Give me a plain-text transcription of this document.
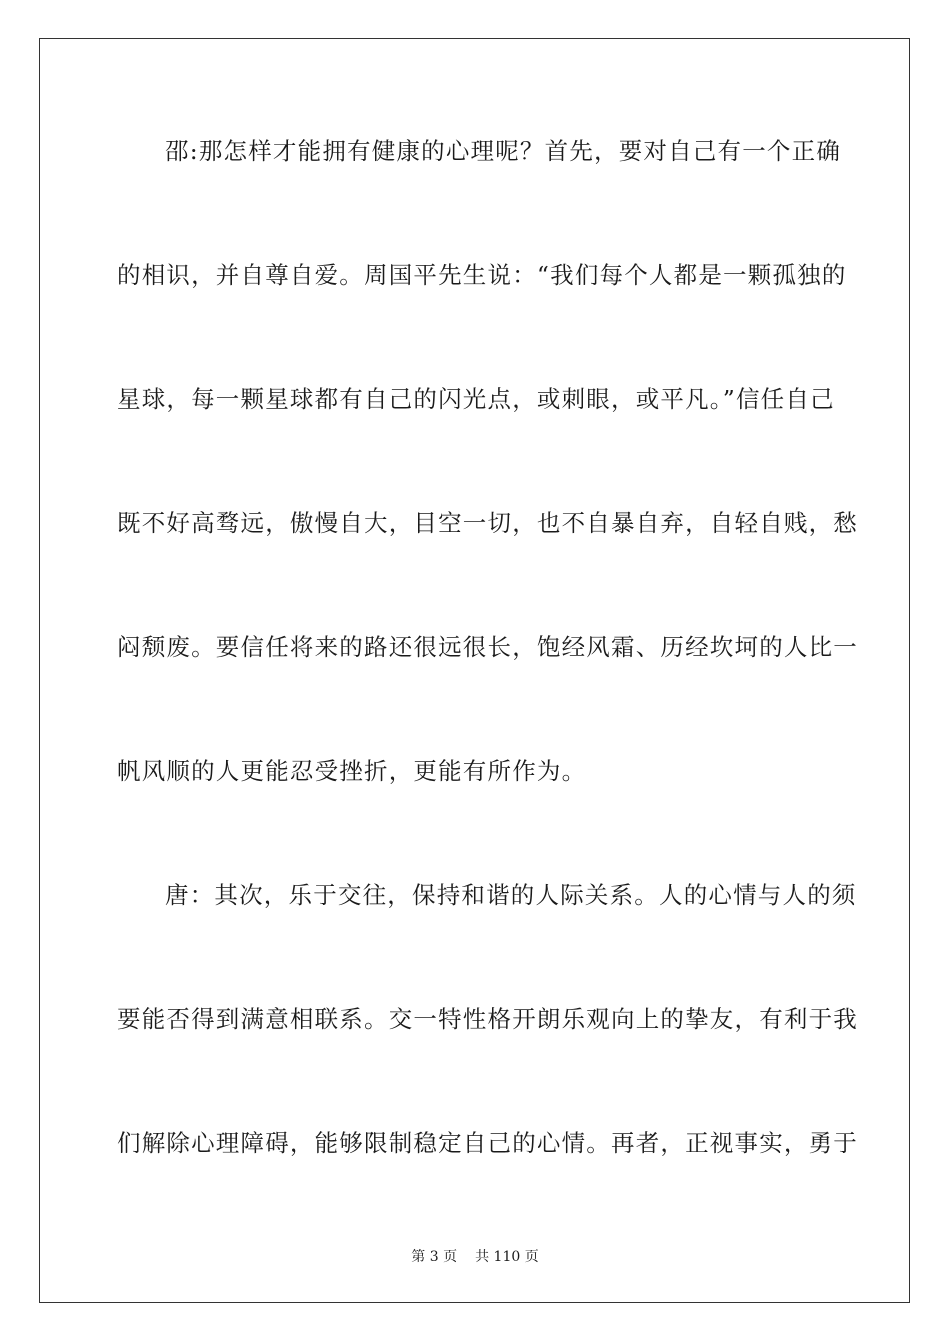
邵:那怎样才能拥有健康的心理呢？首先，要对自己有一个正确
的相识，并自尊自爱。周国平先生说：“我们每个人都是一颗孤独的
星球，每一颗星球都有自己的闪光点，或刺眼，或平凡。”信任自己
既不好高骛远，傲慢自大，目空一切，也不自暴自弃，自轻自贱，愁
闷颓废。要信任将来的路还很远很长，饱经风霜、历经坎坷的人比一
帆风顺的人更能忍受挫折，更能有所作为。
唐：其次，乐于交往，保持和谐的人际关系。人的心情与人的须
要能否得到满意相联系。交一特性格开朗乐观向上的挚友，有利于我
们解除心理障碍，能够限制稳定自己的心情。再者，正视事实，勇于
第 3 页 共 110 页
